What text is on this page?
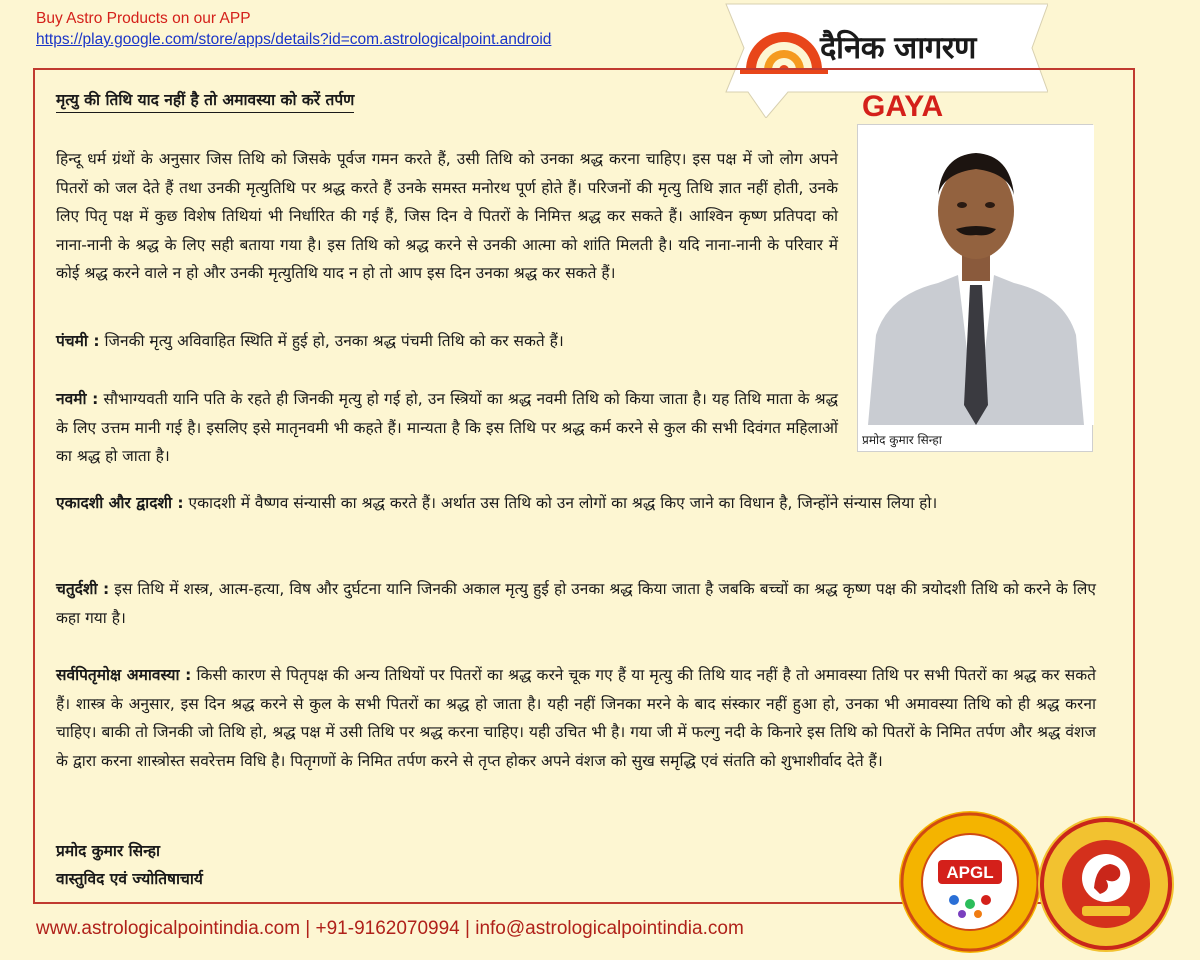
Buy Astro Products on our APP
https://play.google.com/store/apps/details?id=com.astrologicalpoint.android	दैनिक जागरण
GAYA
मृत्यु की तिथि याद नहीं है तो अमावस्या को करें तर्पण

हिन्दू धर्म ग्रंथों के अनुसार जिस तिथि को जिसके पूर्वज गमन करते हैं, उसी तिथि को उनका श्रद्ध करना चाहिए। इस पक्ष में जो लोग अपने पितरों को जल देते हैं तथा उनकी मृत्युतिथि पर श्रद्ध करते हैं उनके समस्त मनोरथ पूर्ण होते हैं। परिजनों की मृत्यु तिथि ज्ञात नहीं होती, उनके लिए पितृ पक्ष में कुछ विशेष तिथियां भी निर्धारित की गई हैं, जिस दिन वे पितरों के निमित्त श्रद्ध कर सकते हैं। आश्विन कृष्ण प्रतिपदा को नाना-नानी के श्रद्ध के लिए सही बताया गया है। इस तिथि को श्रद्ध करने से उनकी आत्मा को शांति मिलती है। यदि नाना-नानी के परिवार में कोई श्रद्ध करने वाले न हो और उनकी मृत्युतिथि याद न हो तो आप इस दिन उनका श्रद्ध कर सकते हैं।

पंचमी : जिनकी मृत्यु अविवाहित स्थिति में हुई हो, उनका श्रद्ध पंचमी तिथि को कर सकते हैं।

नवमी : सौभाग्यवती यानि पति के रहते ही जिनकी मृत्यु हो गई हो, उन स्त्रियों का श्रद्ध नवमी तिथि को किया जाता है। यह तिथि माता के श्रद्ध के लिए उत्तम मानी गई है। इसलिए इसे मातृनवमी भी कहते हैं। मान्यता है कि इस तिथि पर श्रद्ध कर्म करने से कुल की सभी दिवंगत महिलाओं का श्रद्ध हो जाता है।

एकादशी और द्वादशी : एकादशी में वैष्णव संन्यासी का श्रद्ध करते हैं। अर्थात उस तिथि को उन लोगों का श्रद्ध किए जाने का विधान है, जिन्होंने संन्यास लिया हो।

चतुर्दशी : इस तिथि में शस्त्र, आत्म-हत्या, विष और दुर्घटना यानि जिनकी अकाल मृत्यु हुई हो उनका श्रद्ध किया जाता है जबकि बच्चों का श्रद्ध कृष्ण पक्ष की त्रयोदशी तिथि को करने के लिए कहा गया है।

सर्वपितृमोक्ष अमावस्या : किसी कारण से पितृपक्ष की अन्य तिथियों पर पितरों का श्रद्ध करने चूक गए हैं या मृत्यु की तिथि याद नहीं है तो अमावस्या तिथि पर सभी पितरों का श्रद्ध कर सकते हैं। शास्त्र के अनुसार, इस दिन श्रद्ध करने से कुल के सभी पितरों का श्रद्ध हो जाता है। यही नहीं जिनका मरने के बाद संस्कार नहीं हुआ हो, उनका भी अमावस्या तिथि को ही श्रद्ध करना चाहिए। बाकी तो जिनकी जो तिथि हो, श्रद्ध पक्ष में उसी तिथि पर श्रद्ध करना चाहिए। यही उचित भी है। गया जी में फल्गु नदी के किनारे इस तिथि को पितरों के निमित तर्पण और श्रद्ध वंशज के द्वारा करना शास्त्रोस्त सवरेत्तम विधि है। पितृगणों के निमित तर्पण करने से तृप्त होकर अपने वंशज को सुख समृद्धि एवं संतति को शुभाशीर्वाद देते हैं।

प्रमोद कुमार सिन्हा
वास्तुविद एवं ज्योतिषाचार्य
प्रमोद कुमार सिन्हा
www.astrologicalpointindia.com | +91-9162070994 | info@astrologicalpointindia.com
APGL
